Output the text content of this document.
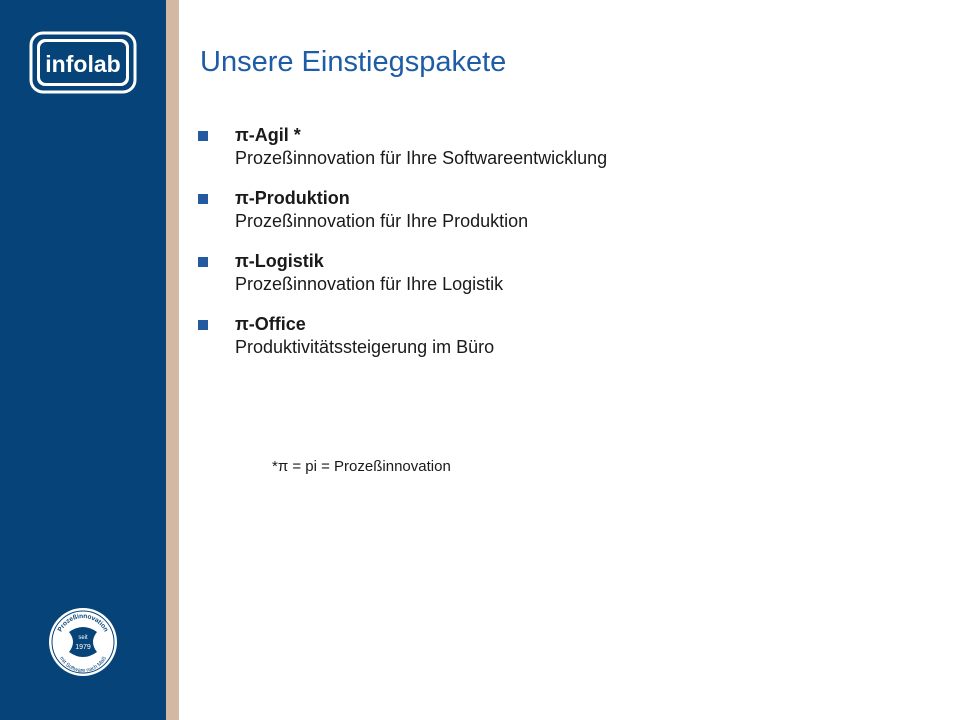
infolab
Prozeßinnovation
mit Software nach Maß
seit
1979
Unsere Einstiegspakete
π-Agil *
Prozeßinnovation für Ihre Softwareentwicklung
π-Produktion
Prozeßinnovation für Ihre Produktion
π-Logistik
Prozeßinnovation für Ihre Logistik
π-Office
Produktivitätssteigerung im Büro
*π = pi = Prozeßinnovation
